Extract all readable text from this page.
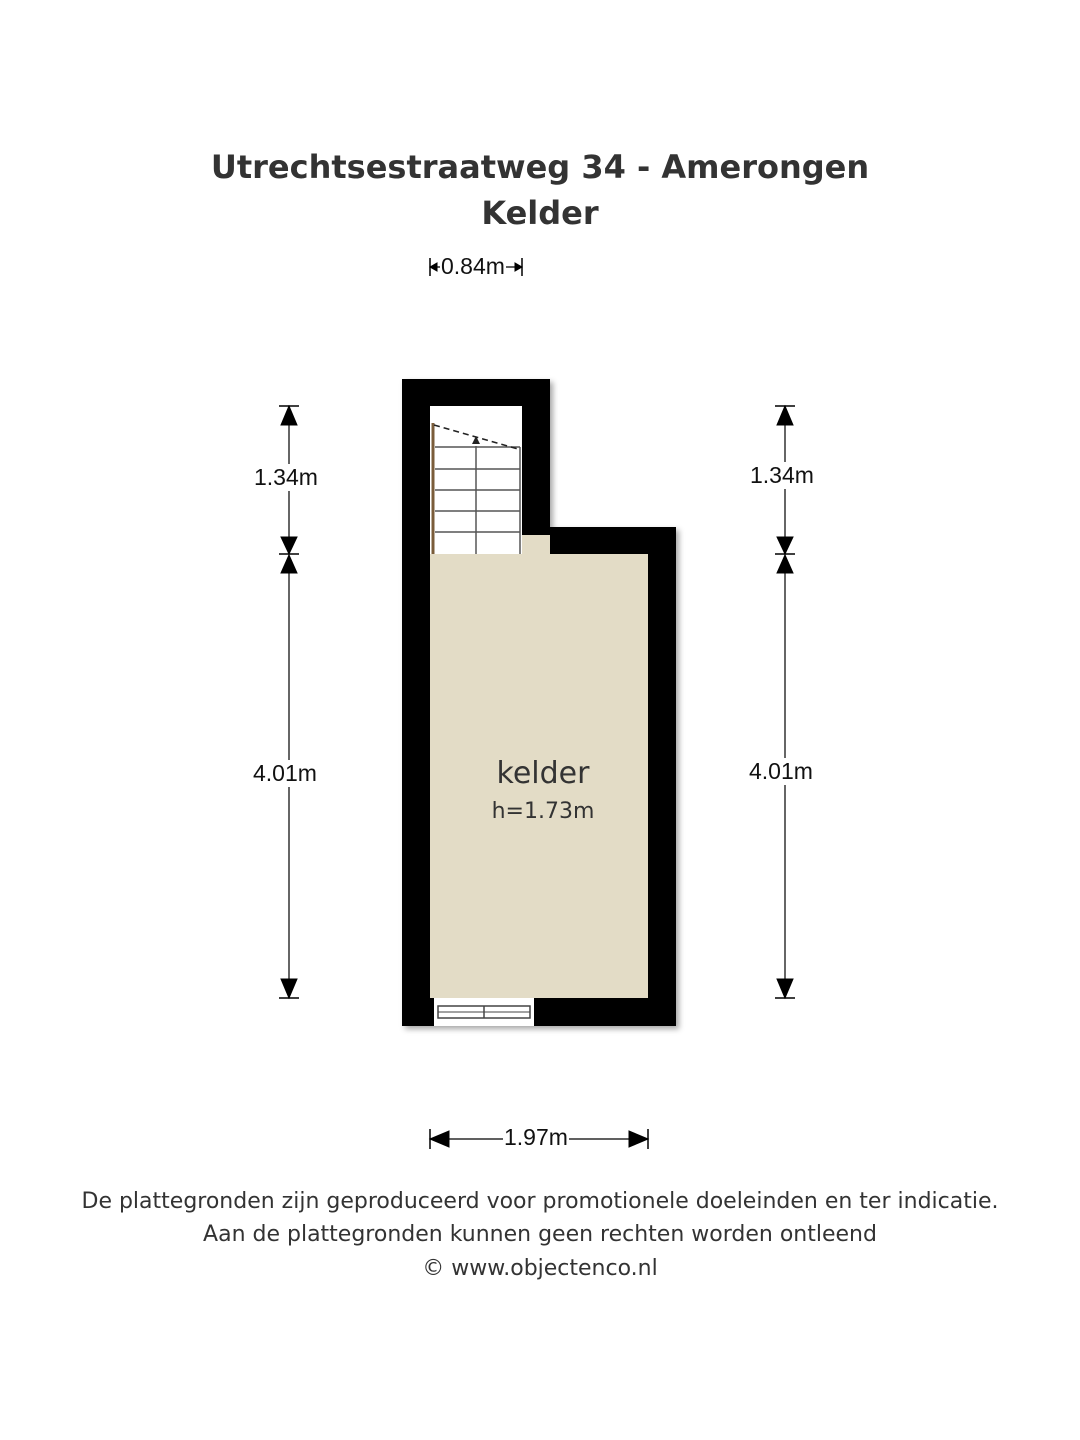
Utrechtsestraatweg 34 - Amerongen
Kelder
0.84m
1.34m
4.01m
1.34m
4.01m
1.97m
kelder
h=1.73m
De plattegronden zijn geproduceerd voor promotionele doeleinden en ter indicatie.
Aan de plattegronden kunnen geen rechten worden ontleend
© www.objectenco.nl
